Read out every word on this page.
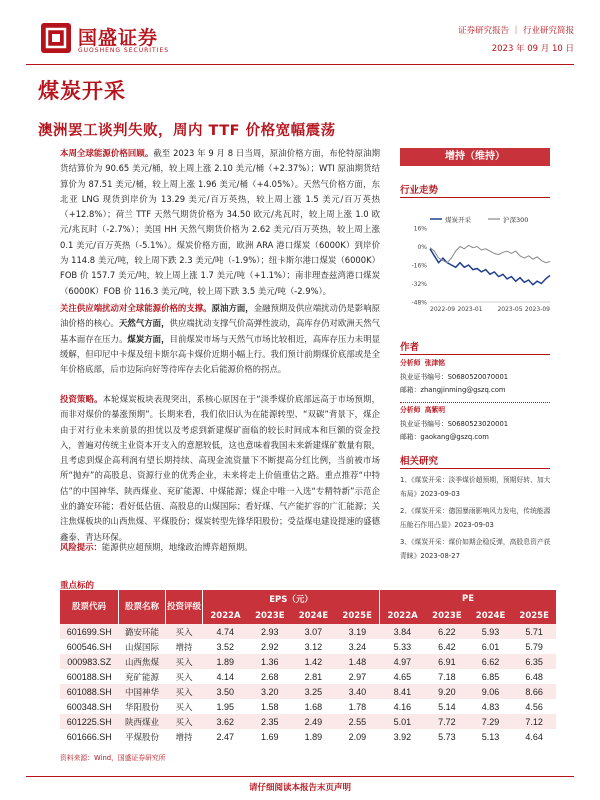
国盛证券
GUOSHENG SECURITIES
证券研究报告 ｜ 行业研究简报
2023 年 09 月 10 日
煤炭开采
澳洲罢工谈判失败，周内 TTF 价格宽幅震荡
本周全球能源价格回顾。截至 2023 年 9 月 8 日当周，原油价格方面，布伦特原油期货结算价为 90.65 美元/桶，较上周上涨 2.10 美元/桶（+2.37%）；WTI 原油期货结算价为 87.51 美元/桶，较上周上涨 1.96 美元/桶（+4.05%）。天然气价格方面，东北亚 LNG 现货到岸价为 13.29 美元/百万英热，较上周上涨 1.5 美元/百万英热（+12.8%）；荷兰 TTF 天然气期货价格为 34.50 欧元/兆瓦时，较上周上涨 1.0 欧元/兆瓦时（-2.7%）；美国 HH 天然气期货价格为 2.62 美元/百万英热，较上周上涨 0.1 美元/百万英热（-5.1%）。煤炭价格方面，欧洲 ARA 港口煤炭（6000K）到岸价为 114.8 美元/吨，较上周下跌 2.3 美元/吨（-1.9%）；纽卡斯尔港口煤炭（6000K）FOB 价 157.7 美元/吨，较上周上涨 1.7 美元/吨（+1.1%）；南非理查兹湾港口煤炭（6000K）FOB 价 116.3 美元/吨，较上周下跌 3.5 美元/吨（-2.9%）。
关注供应端扰动对全球能源价格的支撑。原油方面，金融预期及供应端扰动仍是影响原油价格的核心。天然气方面，供应端扰动支撑气价高弹性波动，高库存仍对欧洲天然气基本面存在压力。煤炭方面，目前煤炭市场与天然气市场比较相近，高库存压力未明显缓解，但印尼中卡煤及纽卡斯尔高卡煤价近期小幅上行。我们预计前期煤价底部或是全年价格底部，后市边际向好等待库存去化后能源价格的拐点。
投资策略。本轮煤炭板块表现突出，系核心原因在于“淡季煤价底部远高于市场预期，而非对煤价的暴涨预期”。长期来看，我们依旧认为在能源转型、“双碳”背景下，煤企由于对行业未来前景的担忧以及考虑到新建煤矿面临的较长时间成本和巨额的资金投入，普遍对传统主业资本开支入的意愿较低，这也意味着我国未来新建煤矿数量有限，且考虑到煤企高利润有望长期持续、高现金流资量下不断提高分红比例，当前被市场所“抛弃”的高股息、资源行业的优秀企业，未来将走上价值重估之路。重点推荐“中特估”的中国神华、陕西煤业、兖矿能源、中煤能源；煤企中唯一入选“专精特新”示范企业的潞安环能；看好低估值、高股息的山煤国际；看好煤、气产能扩容的广汇能源；关注焦煤板块的山西焦煤、平煤股份；煤炭转型先锋华阳股份；受益煤电建设提速的盛德鑫泰、青达环保。
风险提示：能源供应超预期，地缘政治博弈超预期。
增持（维持）
行业走势
煤炭开采	沪深300
16%
0%
-16%
-32%
-48%
2022-09 2023-01 2023-05 2023-09
作者
分析师 张津铭
执业证书编号：S0680520070001
邮箱：zhangjinming@gszq.com
分析师 高紫明
执业证书编号：S0680523020001
邮箱：gaokang@gszq.com
相关研究
1、《煤炭开采：淡季煤价超预期，预期好转、加大布局》2023-09-03
2、《煤炭开采：德国暴雨影响风力发电，传统能源压舱石作用凸显》2023-09-03
3、《煤炭开采：煤价如期企稳反弹，高股息资产获青睐》2023-08-27
重点标的
股票代码	股票名称	投资评级	EPS（元）				PE			
			2022A	2023E	2024E	2025E	2022A	2023E	2024E	2025E
601699.SH	潞安环能	买入	4.74	2.93	3.07	3.19	3.84	6.22	5.93	5.71
600546.SH	山煤国际	增持	3.52	2.92	3.12	3.24	5.33	6.42	6.01	5.79
000983.SZ	山西焦煤	买入	1.89	1.36	1.42	1.48	4.97	6.91	6.62	6.35
600188.SH	兖矿能源	买入	4.14	2.68	2.81	2.97	4.65	7.18	6.85	6.48
601088.SH	中国神华	买入	3.50	3.20	3.25	3.40	8.41	9.20	9.06	8.66
600348.SH	华阳股份	买入	1.95	1.58	1.68	1.78	4.16	5.14	4.83	4.56
601225.SH	陕西煤业	买入	3.62	2.35	2.49	2.55	5.01	7.72	7.29	7.12
601666.SH	平煤股份	增持	2.47	1.69	1.89	2.09	3.92	5.73	5.13	4.64
资料来源：Wind，国盛证券研究所
请仔细阅读本报告末页声明
